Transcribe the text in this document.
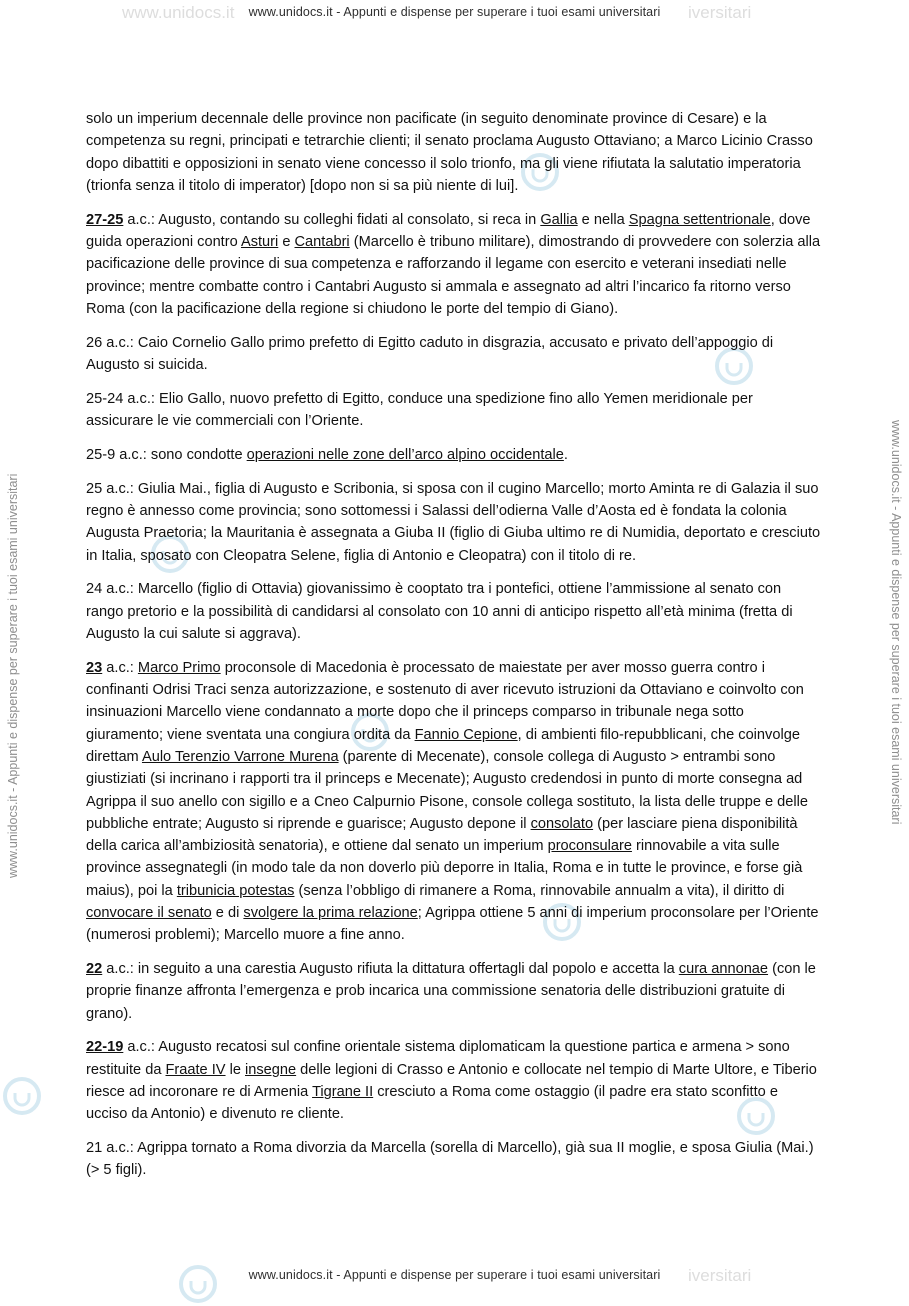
www.unidocs.it	iversitari
iversitari
www.unidocs.it - Appunti e dispense per superare i tuoi esami universitari
www.unidocs.it - Appunti e dispense per superare i tuoi esami universitari
www.unidocs.it - Appunti e dispense per superare i tuoi esami universitari	www.unidocs.it - Appunti e dispense per superare i tuoi esami universitari

solo un imperium decennale delle province non pacificate (in seguito denominate province di Cesare) e la competenza su regni, principati e tetrarchie clienti; il senato proclama Augusto Ottaviano; a Marco Licinio Crasso dopo dibattiti e opposizioni in senato viene concesso il solo trionfo, ma gli viene rifiutata la salutatio imperatoria (trionfa senza il titolo di imperator) [dopo non si sa più niente di lui].

27-25 a.c.: Augusto, contando su colleghi fidati al consolato, si reca in Gallia e nella Spagna settentrionale, dove guida operazioni contro Asturi e Cantabri (Marcello è tribuno militare), dimostrando di provvedere con solerzia alla pacificazione delle province di sua competenza e rafforzando il legame con esercito e veterani insediati nelle province; mentre combatte contro i Cantabri Augusto si ammala e assegnato ad altri l’incarico fa ritorno verso Roma (con la pacificazione della regione si chiudono le porte del tempio di Giano).

26 a.c.: Caio Cornelio Gallo primo prefetto di Egitto caduto in disgrazia, accusato e privato dell’appoggio di Augusto si suicida.

25-24 a.c.: Elio Gallo, nuovo prefetto di Egitto, conduce una spedizione fino allo Yemen meridionale per assicurare le vie commerciali con l’Oriente.

25-9 a.c.: sono condotte operazioni nelle zone dell’arco alpino occidentale.

25 a.c.: Giulia Mai., figlia di Augusto e Scribonia, si sposa con il cugino Marcello; morto Aminta re di Galazia il suo regno è annesso come provincia; sono sottomessi i Salassi dell’odierna Valle d’Aosta ed è fondata la colonia Augusta Praetoria; la Mauritania è assegnata a Giuba II (figlio di Giuba ultimo re di Numidia, deportato e cresciuto in Italia, sposato con Cleopatra Selene, figlia di Antonio e Cleopatra) con il titolo di re.

24 a.c.: Marcello (figlio di Ottavia) giovanissimo è cooptato tra i pontefici, ottiene l’ammissione al senato con rango pretorio e la possibilità di candidarsi al consolato con 10 anni di anticipo rispetto all’età minima (fretta di Augusto la cui salute si aggrava).

23 a.c.: Marco Primo proconsole di Macedonia è processato de maiestate per aver mosso guerra contro i confinanti Odrisi Traci senza autorizzazione, e sostenuto di aver ricevuto istruzioni da Ottaviano e coinvolto con insinuazioni Marcello viene condannato a morte dopo che il princeps comparso in tribunale nega sotto giuramento; viene sventata una congiura ordita da Fannio Cepione, di ambienti filo-repubblicani, che coinvolge direttam Aulo Terenzio Varrone Murena (parente di Mecenate), console collega di Augusto > entrambi sono giustiziati (si incrinano i rapporti tra il princeps e Mecenate); Augusto credendosi in punto di morte consegna ad Agrippa il suo anello con sigillo e a Cneo Calpurnio Pisone, console collega sostituto, la lista delle truppe e delle pubbliche entrate; Augusto si riprende e guarisce; Augusto depone il consolato (per lasciare piena disponibilità della carica all’ambiziosità senatoria), e ottiene dal senato un imperium proconsulare rinnovabile a vita sulle province assegnategli (in modo tale da non doverlo più deporre in Italia, Roma e in tutte le province, e forse già maius), poi la tribunicia potestas (senza l’obbligo di rimanere a Roma, rinnovabile annualm a vita), il diritto di convocare il senato e di svolgere la prima relazione; Agrippa ottiene 5 anni di imperium proconsolare per l’Oriente (numerosi problemi); Marcello muore a fine anno.

22 a.c.: in seguito a una carestia Augusto rifiuta la dittatura offertagli dal popolo e accetta la cura annonae (con le proprie finanze affronta l’emergenza e prob incarica una commissione senatoria delle distribuzioni gratuite di grano).

22-19 a.c.: Augusto recatosi sul confine orientale sistema diplomaticam la questione partica e armena > sono restituite da Fraate IV le insegne delle legioni di Crasso e Antonio e collocate nel tempio di Marte Ultore, e Tiberio riesce ad incoronare re di Armenia Tigrane II cresciuto a Roma come ostaggio (il padre era stato sconfitto e ucciso da Antonio) e divenuto re cliente.

21 a.c.: Agrippa tornato a Roma divorzia da Marcella (sorella di Marcello), già sua II moglie, e sposa Giulia (Mai.) (> 5 figli).
